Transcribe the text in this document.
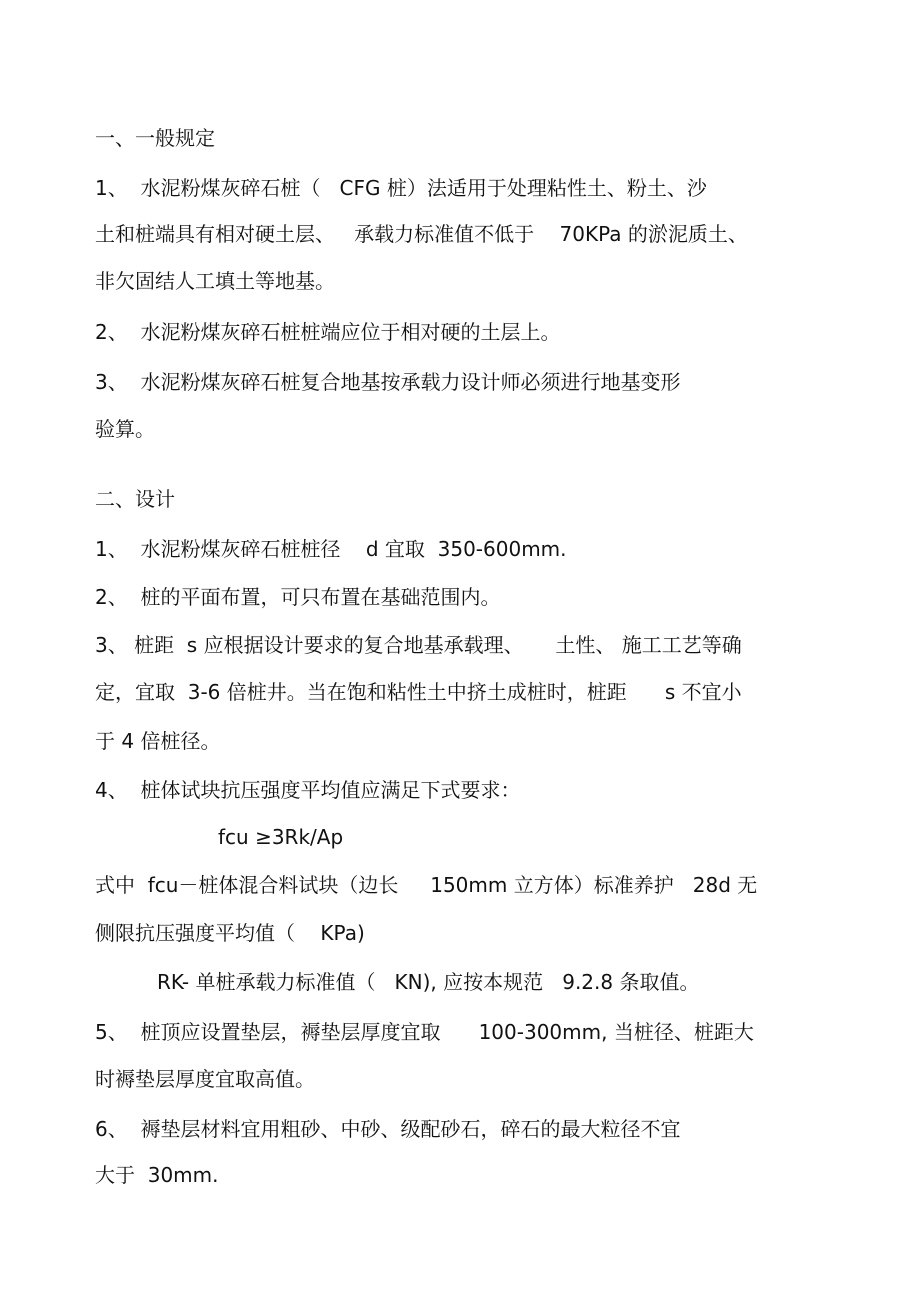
一、一般规定
1、  水泥粉煤灰碎石桩（   CFG 桩）法适用于处理粘性土、粉土、沙
土和桩端具有相对硬土层、   承载力标准值不低于    70KPa 的淤泥质土、
非欠固结人工填土等地基。
2、  水泥粉煤灰碎石桩桩端应位于相对硬的土层上。
3、  水泥粉煤灰碎石桩复合地基按承载力设计师必须进行地基变形
验算。
二、设计
1、  水泥粉煤灰碎石桩桩径    d 宜取  350-600mm.
2、  桩的平面布置，可只布置在基础范围内。
3、 桩距  s 应根据设计要求的复合地基承载理、     土性、 施工工艺等确
定，宜取  3-6 倍桩井。当在饱和粘性土中挤土成桩时，桩距      s 不宜小
于 4 倍桩径。
4、  桩体试块抗压强度平均值应满足下式要求：
fcu ≥3Rk/Ap
式中  fcu－桩体混合料试块（边长     150mm 立方体）标准养护   28d 无
侧限抗压强度平均值（    KPa)
RK- 单桩承载力标准值（   KN), 应按本规范   9.2.8 条取值。
5、  桩顶应设置垫层，褥垫层厚度宜取      100-300mm, 当桩径、桩距大
时褥垫层厚度宜取高值。
6、  褥垫层材料宜用粗砂、中砂、级配砂石，碎石的最大粒径不宜
大于  30mm.
